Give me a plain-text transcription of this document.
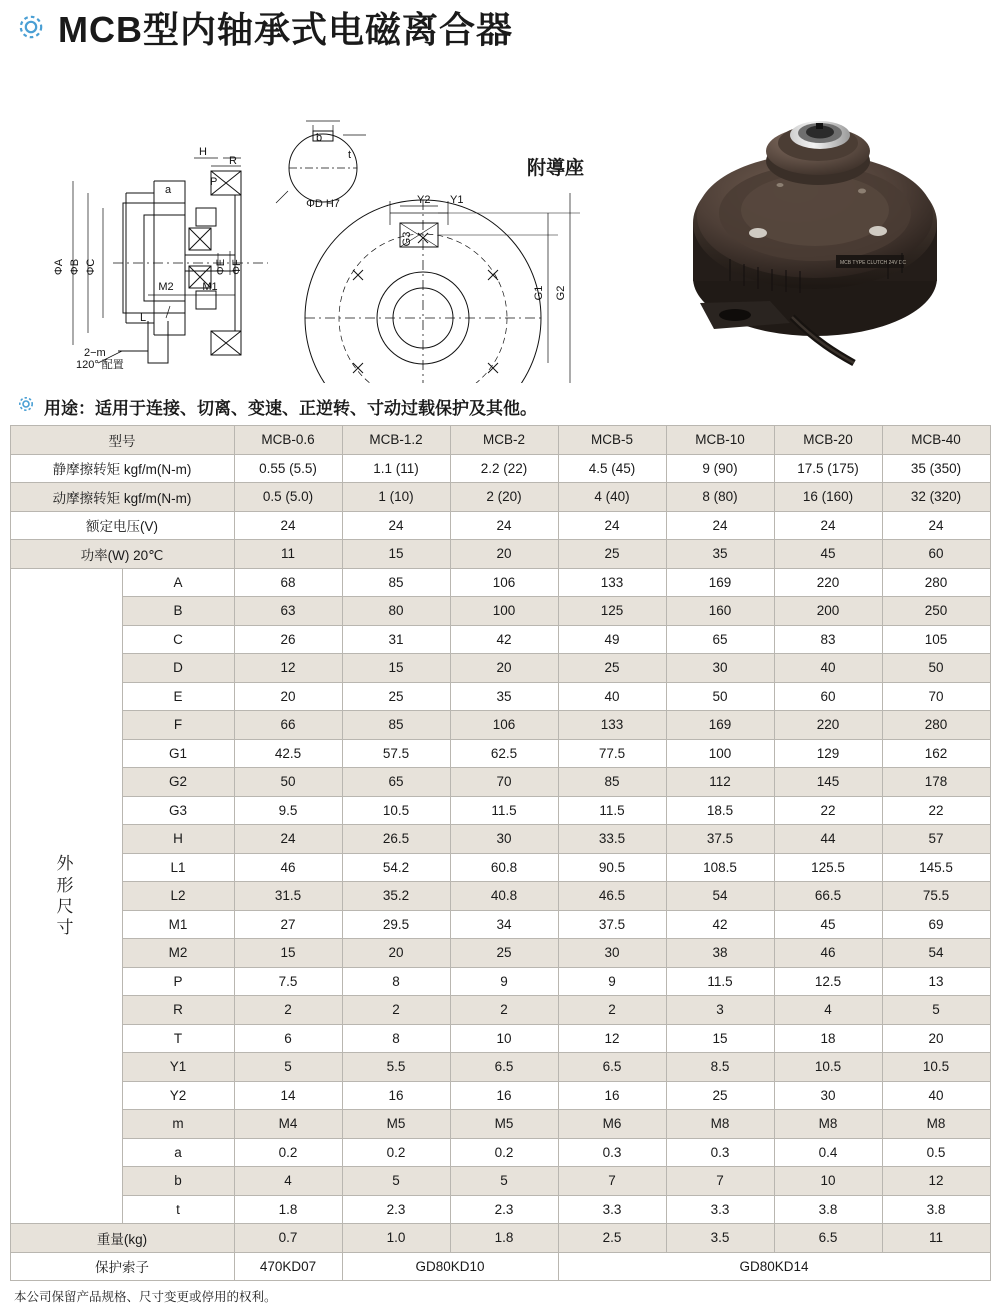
MCB型内轴承式电磁离合器
H
R
P
a
b
t
ΦD H7
ΦA ΦB ΦC
M2	M1
ΦE ΦF
L
2−m
120° 配置
Y2 Y1
G3
G1 G2
附導座
MCB TYPE CLUTCH 24V DC
用途：适用于连接、切离、变速、正逆转、寸动过载保护及其他。
型号		MCB-0.6	MCB-1.2	MCB-2	MCB-5	MCB-10	MCB-20	MCB-40
静摩擦转矩 kgf/m(N-m)		0.55 (5.5)	1.1 (11)	2.2 (22)	4.5 (45)	9 (90)	17.5 (175)	35 (350)
动摩擦转矩 kgf/m(N-m)		0.5 (5.0)	1 (10)	2 (20)	4 (40)	8 (80)	16 (160)	32 (320)
额定电压(V)		24	24	24	24	24	24	24
功率(W) 20℃		11	15	20	25	35	45	60
外
形
尺
寸	A	68	85	106	133	169	220	280
	B	63	80	100	125	160	200	250
	C	26	31	42	49	65	83	105
	D	12	15	20	25	30	40	50
	E	20	25	35	40	50	60	70
	F	66	85	106	133	169	220	280
	G1	42.5	57.5	62.5	77.5	100	129	162
	G2	50	65	70	85	112	145	178
	G3	9.5	10.5	11.5	11.5	18.5	22	22
	H	24	26.5	30	33.5	37.5	44	57
	L1	46	54.2	60.8	90.5	108.5	125.5	145.5
	L2	31.5	35.2	40.8	46.5	54	66.5	75.5
	M1	27	29.5	34	37.5	42	45	69
	M2	15	20	25	30	38	46	54
	P	7.5	8	9	9	11.5	12.5	13
	R	2	2	2	2	3	4	5
	T	6	8	10	12	15	18	20
	Y1	5	5.5	6.5	6.5	8.5	10.5	10.5
	Y2	14	16	16	16	25	30	40
	m	M4	M5	M5	M6	M8	M8	M8
	a	0.2	0.2	0.2	0.3	0.3	0.4	0.5
	b	4	5	5	7	7	10	12
	t	1.8	2.3	2.3	3.3	3.3	3.8	3.8
重量(kg)		0.7	1.0	1.8	2.5	3.5	6.5	11
保护索子		470KD07	GD80KD10		GD80KD14			
本公司保留产品规格、尺寸变更或停用的权利。
